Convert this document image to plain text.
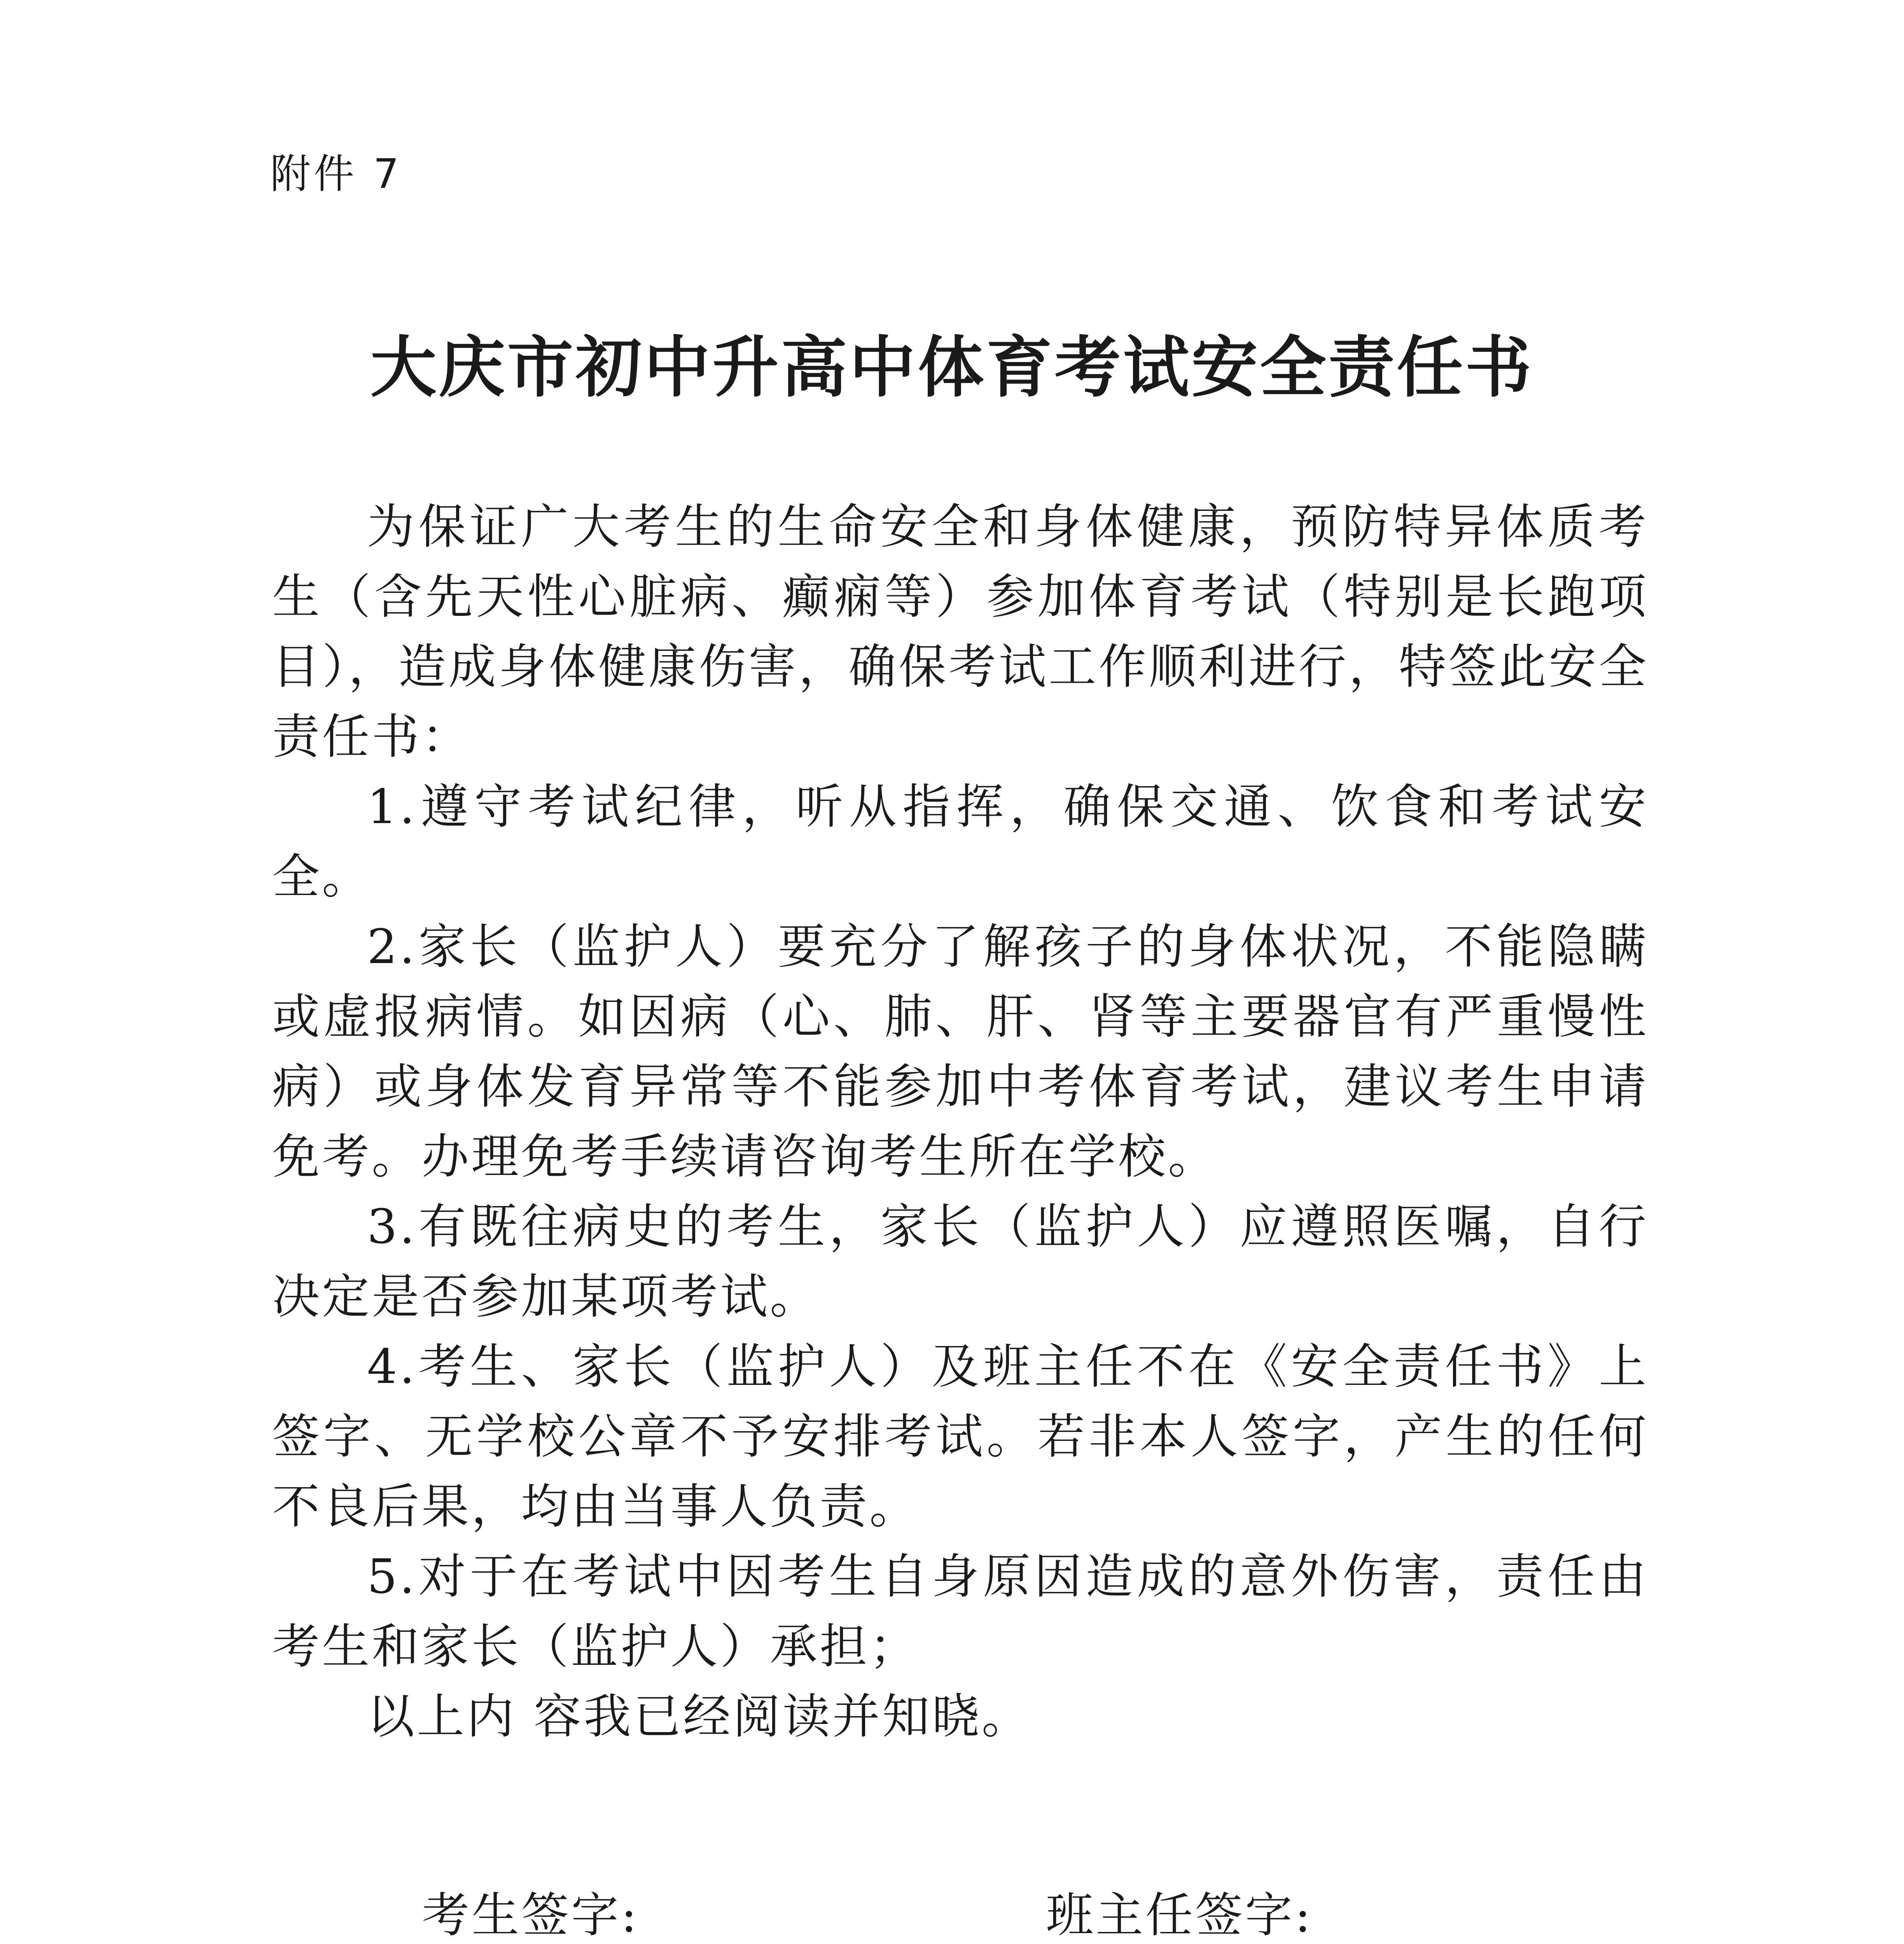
附件 7
大庆市初中升高中体育考试安全责任书

为保证广大考生的生命安全和身体健康，预防特异体质考生（含先天性心脏病、癫痫等）参加体育考试（特别是长跑项目），造成身体健康伤害，确保考试工作顺利进行，特签此安全责任书：

1.遵守考试纪律，听从指挥，确保交通、饮食和考试安全。

2.家长（监护人）要充分了解孩子的身体状况，不能隐瞒或虚报病情。如因病（心、肺、肝、肾等主要器官有严重慢性病）或身体发育异常等不能参加中考体育考试，建议考生申请免考。办理免考手续请咨询考生所在学校。

3.有既往病史的考生，家长（监护人）应遵照医嘱，自行决定是否参加某项考试。

4.考生、家长（监护人）及班主任不在《安全责任书》上签字、无学校公章不予安排考试。若非本人签字，产生的任何不良后果，均由当事人负责。

5.对于在考试中因考生自身原因造成的意外伤害，责任由考生和家长（监护人）承担；

以上内 容我已经阅读并知晓。

考生签字:	班主任签字:
